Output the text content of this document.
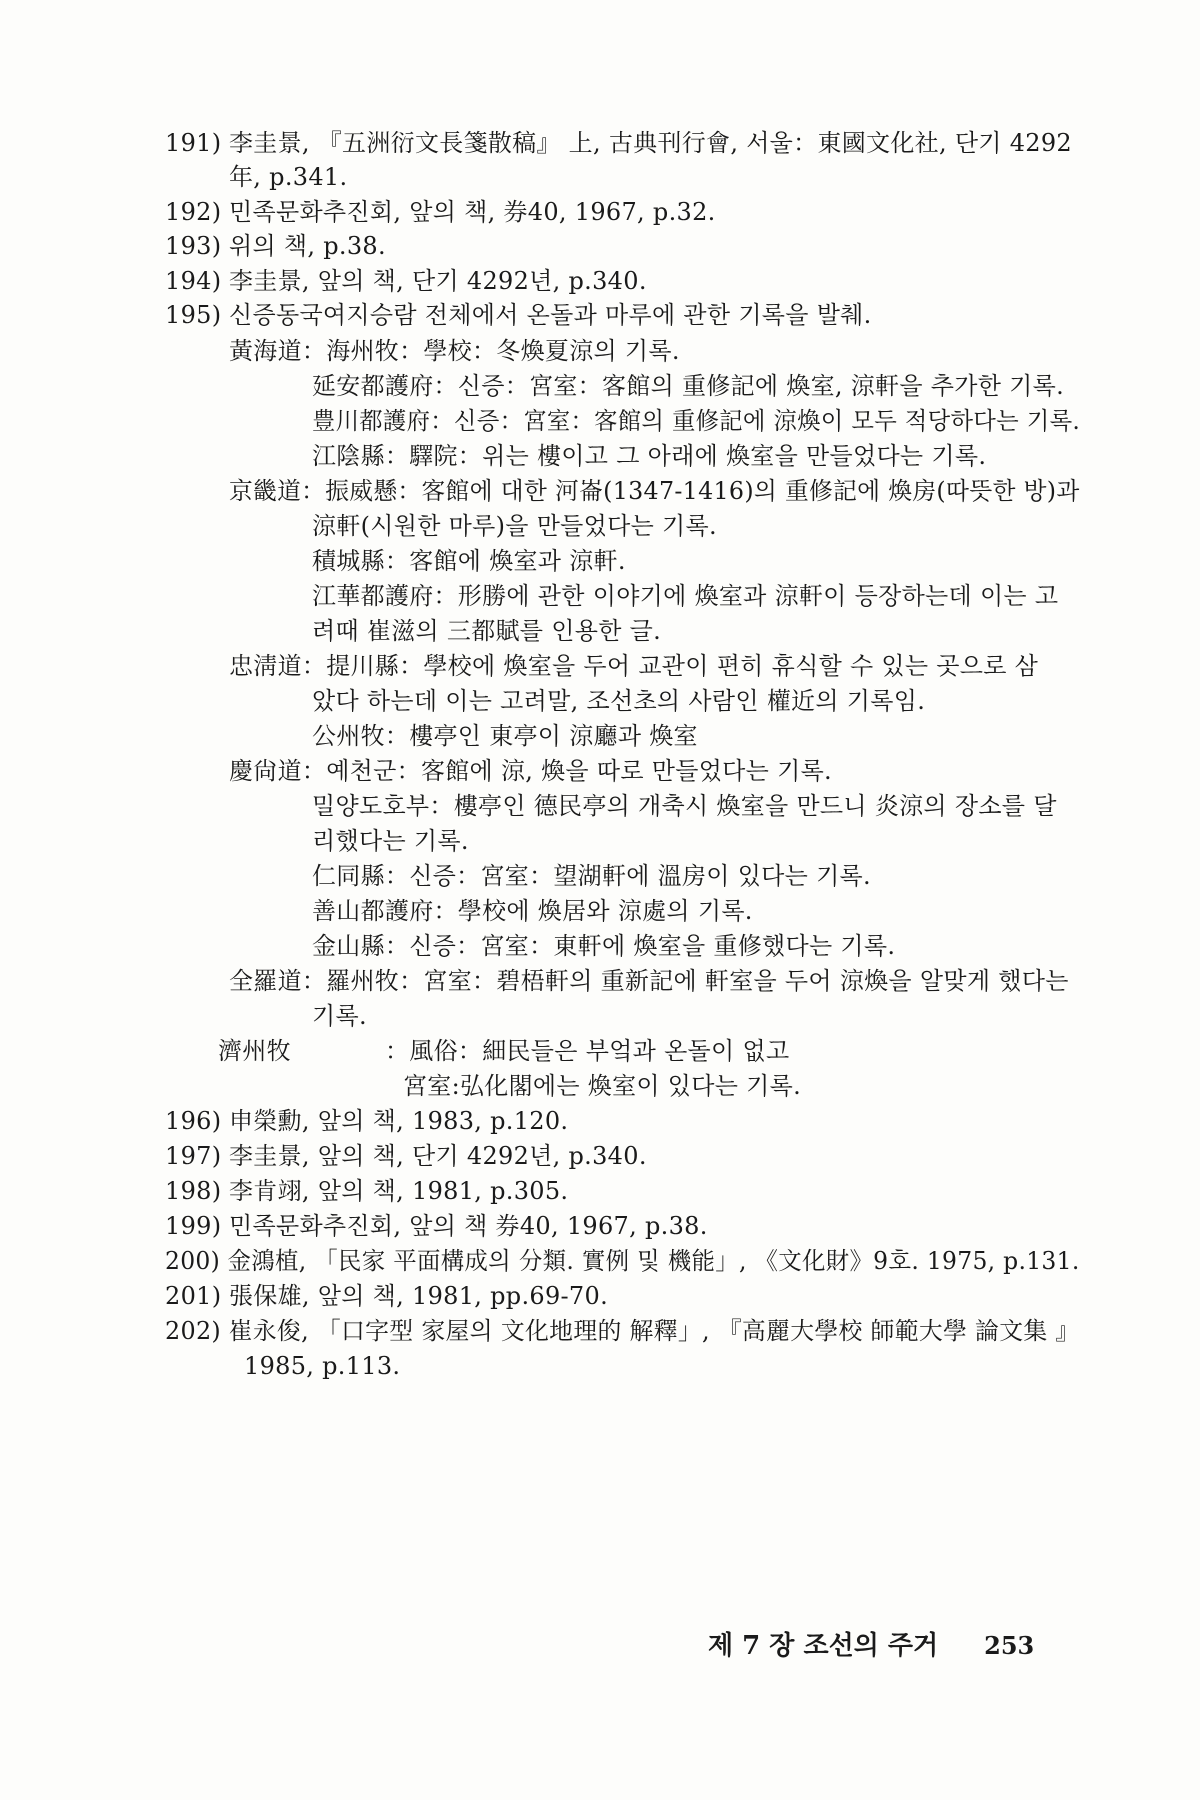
191) 李圭景, 『五洲衍文長箋散稿』 上, 古典刊行會, 서울：東國文化社, 단기 4292
年, p.341.
192) 민족문화추진회, 앞의 책, 券40, 1967, p.32.
193) 위의 책, p.38.
194) 李圭景, 앞의 책, 단기 4292년, p.340.
195) 신증동국여지승람 전체에서 온돌과 마루에 관한 기록을 발췌.
黃海道：海州牧：學校：冬煥夏涼의 기록.
延安都護府：신증：宮室：客館의 重修記에 煥室, 涼軒을 추가한 기록.
豊川都護府：신증：宮室：客館의 重修記에 涼煥이 모두 적당하다는 기록.
江陰縣：驛院：위는 樓이고 그 아래에 煥室을 만들었다는 기록.
京畿道：振威懸：客館에 대한 河崙(1347-1416)의 重修記에 煥房(따뜻한 방)과
涼軒(시원한 마루)을 만들었다는 기록.
積城縣：客館에 煥室과 涼軒.
江華都護府：形勝에 관한 이야기에 煥室과 涼軒이 등장하는데 이는 고
려때 崔滋의 三都賦를 인용한 글.
忠淸道：提川縣：學校에 煥室을 두어 교관이 편히 휴식할 수 있는 곳으로 삼
았다 하는데 이는 고려말, 조선초의 사람인 權近의 기록임.
公州牧：樓亭인 東亭이 涼廳과 煥室
慶尙道：예천군：客館에 涼, 煥을 따로 만들었다는 기록.
밀양도호부：樓亭인 德民亭의 개축시 煥室을 만드니 炎涼의 장소를 달
리했다는 기록.
仁同縣：신증：宮室：望湖軒에 溫房이 있다는 기록.
善山都護府：學校에 煥居와 涼處의 기록.
金山縣：신증：宮室：東軒에 煥室을 重修했다는 기록.
全羅道：羅州牧：宮室：碧梧軒의 重新記에 軒室을 두어 涼煥을 알맞게 했다는
기록.
濟州牧	：風俗：細民들은 부엌과 온돌이 없고
宮室:弘化閣에는 煥室이 있다는 기록.
196) 申榮勳, 앞의 책, 1983, p.120.
197) 李圭景, 앞의 책, 단기 4292년, p.340.
198) 李肯翊, 앞의 책, 1981, p.305.
199) 민족문화추진회, 앞의 책 券40, 1967, p.38.
200) 金鴻植, 「民家 平面構成의 分類. 實例 및 機能」, 《文化財》9호. 1975, p.131.
201) 張保雄, 앞의 책, 1981, pp.69-70.
202) 崔永俊, 「口字型 家屋의 文化地理的 解釋」, 『高麗大學校 師範大學 論文集 』
1985, p.113.
제 7 장 조선의 주거 253
